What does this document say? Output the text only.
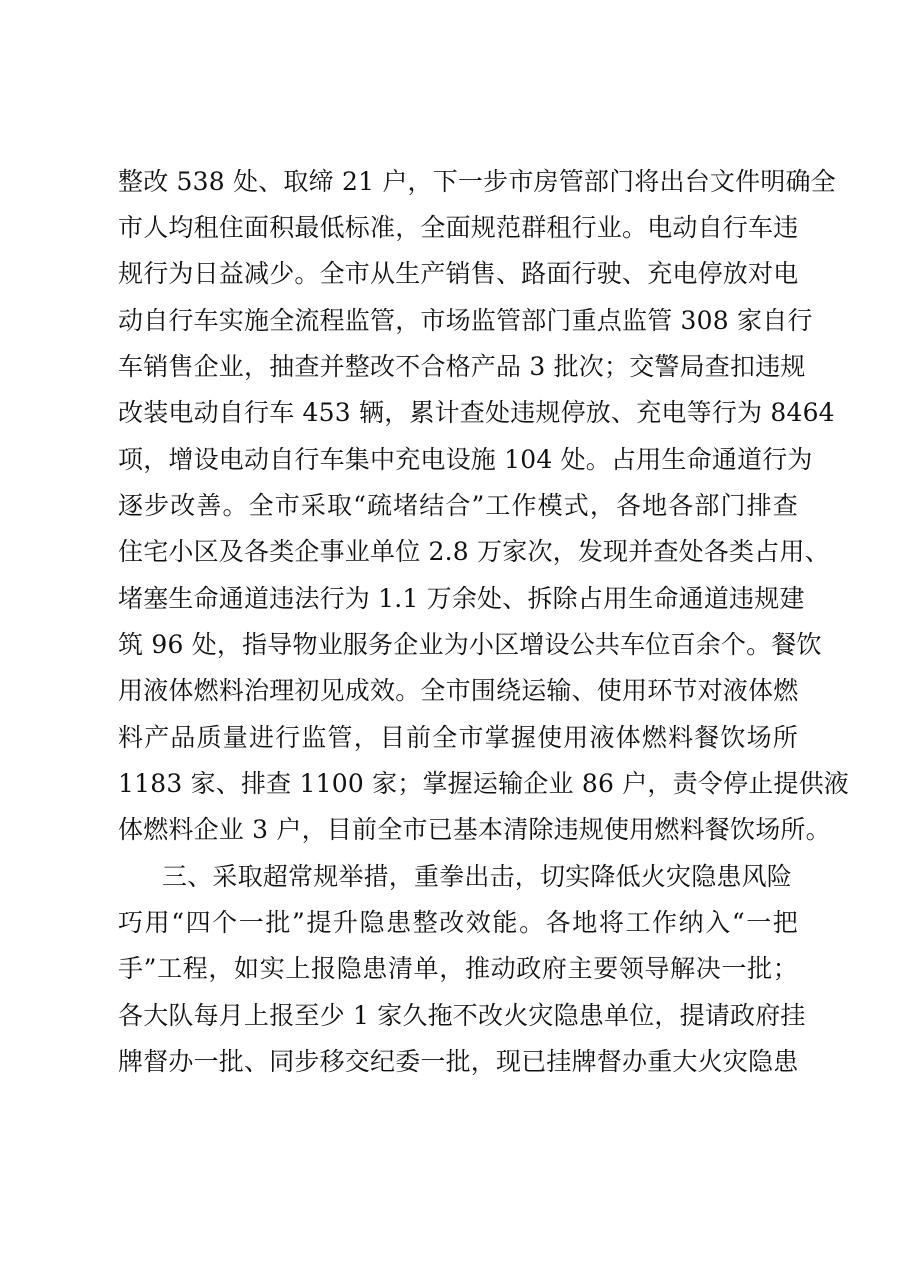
整改 538 处、取缔 21 户，下一步市房管部门将出台文件明确全
市人均租住面积最低标准，全面规范群租行业。电动自行车违
规行为日益减少。全市从生产销售、路面行驶、充电停放对电
动自行车实施全流程监管，市场监管部门重点监管 308 家自行
车销售企业，抽查并整改不合格产品 3 批次；交警局查扣违规
改装电动自行车 453 辆，累计查处违规停放、充电等行为 8464
项，增设电动自行车集中充电设施 104 处。占用生命通道行为
逐步改善。全市采取“疏堵结合”工作模式，各地各部门排查
住宅小区及各类企事业单位 2.8 万家次，发现并查处各类占用、
堵塞生命通道违法行为 1.1 万余处、拆除占用生命通道违规建
筑 96 处，指导物业服务企业为小区增设公共车位百余个。餐饮
用液体燃料治理初见成效。全市围绕运输、使用环节对液体燃
料产品质量进行监管，目前全市掌握使用液体燃料餐饮场所
1183 家、排查 1100 家；掌握运输企业 86 户，责令停止提供液
体燃料企业 3 户，目前全市已基本清除违规使用燃料餐饮场所。
三、采取超常规举措，重拳出击，切实降低火灾隐患风险
巧用“四个一批”提升隐患整改效能。各地将工作纳入“一把
手”工程，如实上报隐患清单，推动政府主要领导解决一批；
各大队每月上报至少 1 家久拖不改火灾隐患单位，提请政府挂
牌督办一批、同步移交纪委一批，现已挂牌督办重大火灾隐患
